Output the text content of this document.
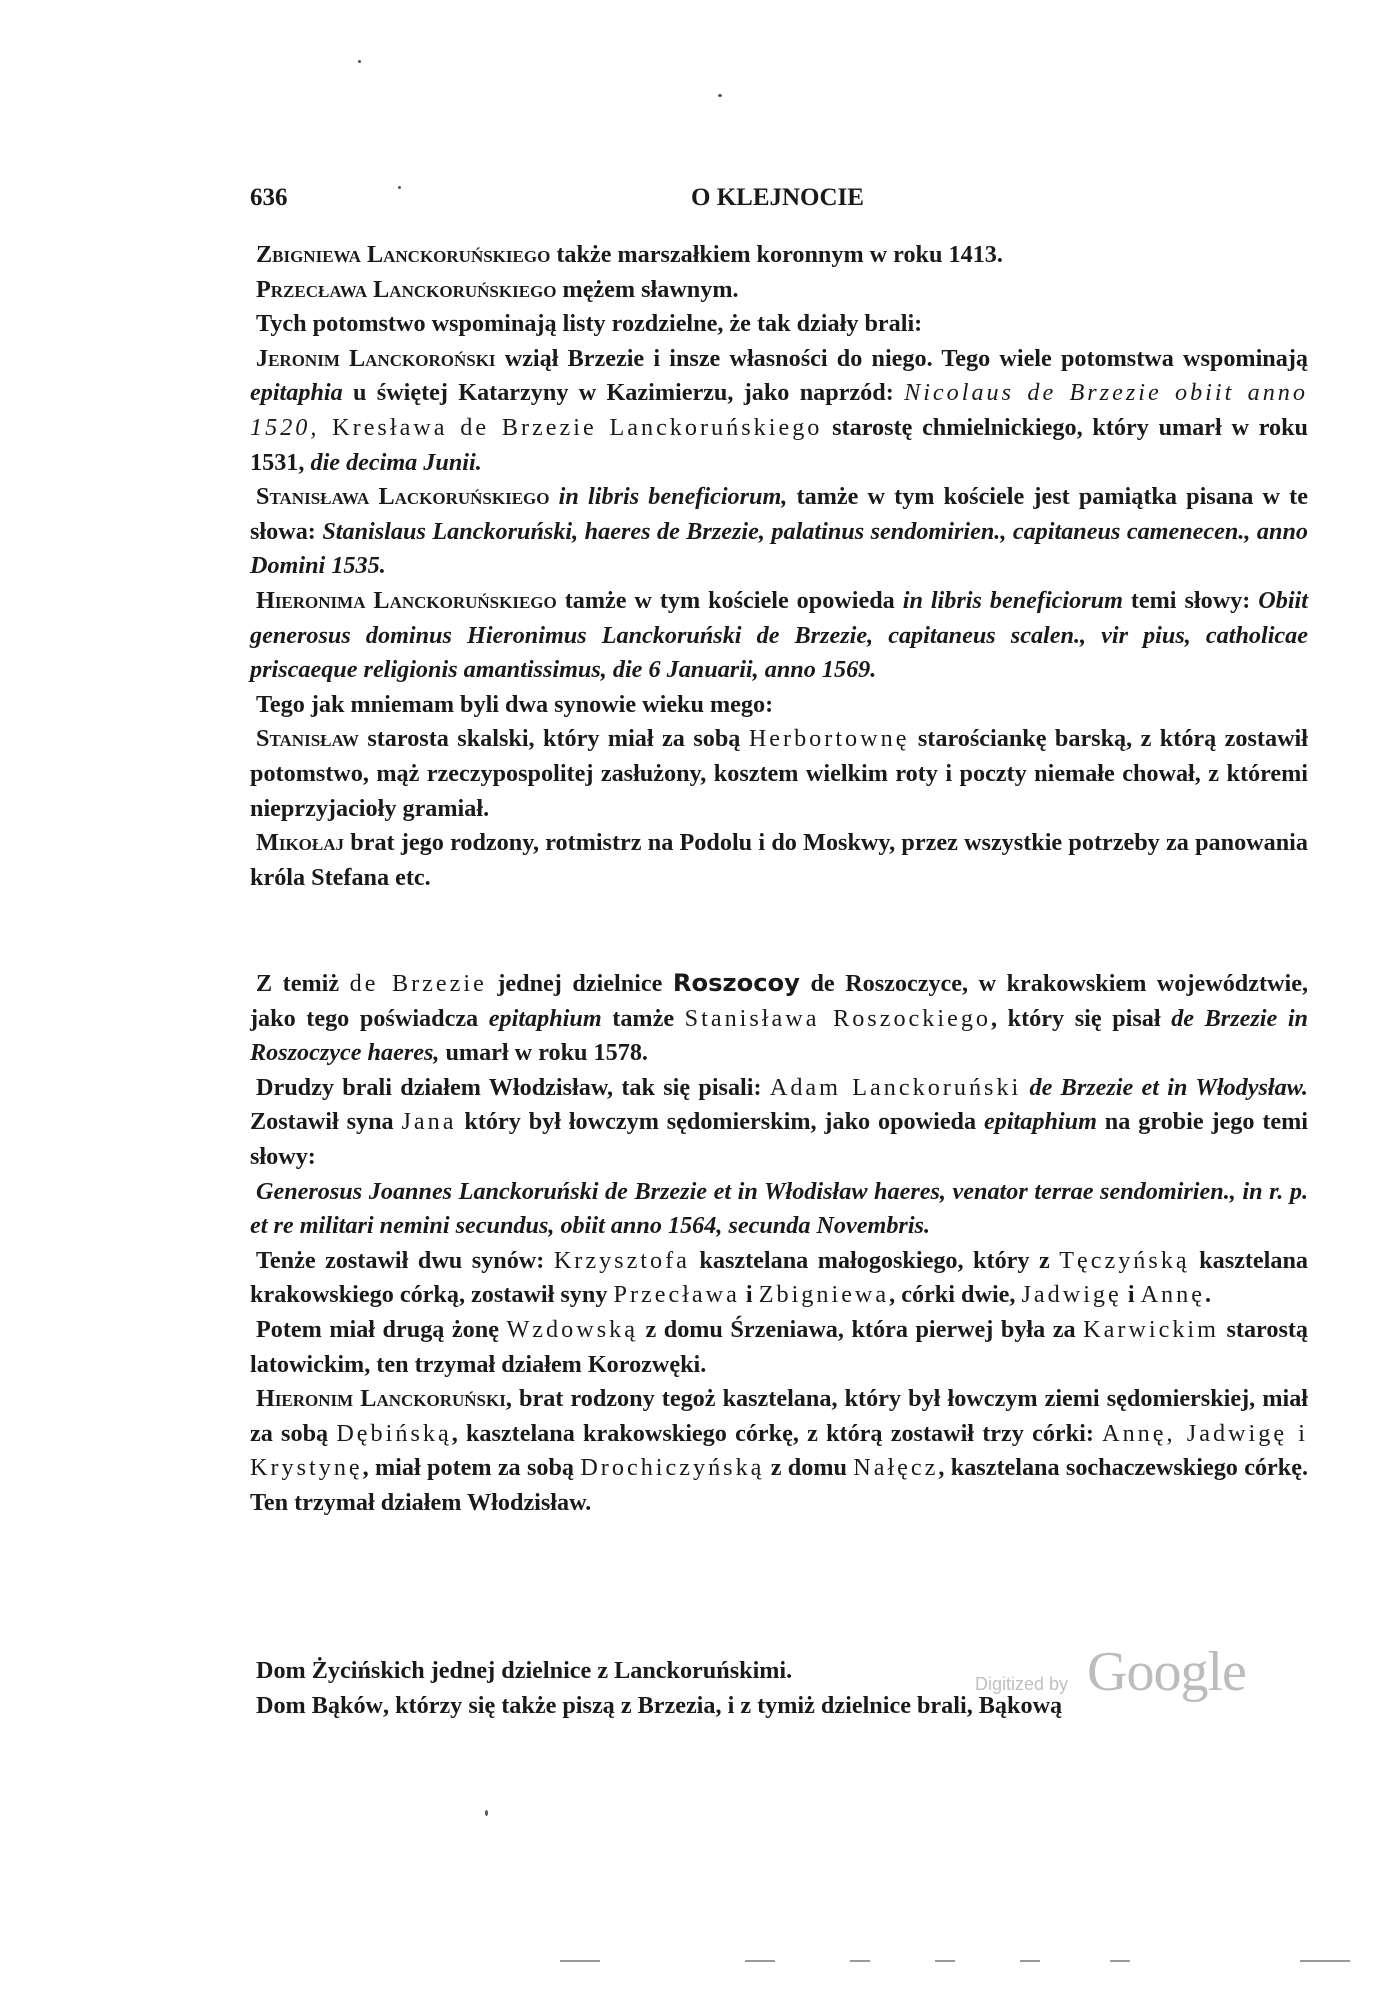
636	O KLEJNOCIE

Zbigniewa Lanckoruńskiego także marszałkiem koronnym w roku 1413.

Przecława Lanckoruńskiego mężem sławnym.

Tych potomstwo wspominają listy rozdzielne, że tak działy brali:

Jeronim Lanckoroński wziął Brzezie i insze własności do niego. Tego wiele potomstwa wspominają epitaphia u świętej Katarzyny w Kazimierzu, jako naprzód: Nicolaus de Brzezie obiit anno 1520, Kresława de Brzezie Lanckoruńskiego starostę chmielnickiego, który umarł w roku 1531, die decima Junii.

Stanisława Lackoruńskiego in libris beneficiorum, tamże w tym kościele jest pamiątka pisana w te słowa: Stanislaus Lanckoruński, haeres de Brzezie, palatinus sendomirien., capitaneus camenecen., anno Domini 1535.

Hieronima Lanckoruńskiego tamże w tym kościele opowieda in libris beneficiorum temi słowy: Obiit generosus dominus Hieronimus Lanckoruński de Brzezie, capitaneus scalen., vir pius, catholicae priscaeque religionis amantissimus, die 6 Januarii, anno 1569.

Tego jak mniemam byli dwa synowie wieku mego:

Stanisław starosta skalski, który miał za sobą Herbortownę starościankę barską, z którą zostawił potomstwo, mąż rzeczypospolitej zasłużony, kosztem wielkim roty i poczty niemałe chował, z któremi nieprzyjacioły gramiał.

Mikołaj brat jego rodzony, rotmistrz na Podolu i do Moskwy, przez wszystkie potrzeby za panowania króla Stefana etc.

Z temiż de Brzezie jednej dzielnice Roszocoy de Roszoczyce, w krakowskiem województwie, jako tego poświadcza epitaphium tamże Stanisława Roszockiego, który się pisał de Brzezie in Roszoczyce haeres, umarł w roku 1578.

Drudzy brali działem Włodzisław, tak się pisali: Adam Lanckoruński de Brzezie et in Włodysław. Zostawił syna Jana który był łowczym sędomierskim, jako opowieda epitaphium na grobie jego temi słowy:

Generosus Joannes Lanckoruński de Brzezie et in Włodisław haeres, venator terrae sendomirien., in r. p. et re militari nemini secundus, obiit anno 1564, secunda Novembris.

Tenże zostawił dwu synów: Krzysztofa kasztelana małogoskiego, który z Tęczyńską kasztelana krakowskiego córką, zostawił syny Przecława i Zbigniewa, córki dwie, Jadwigę i Annę.

Potem miał drugą żonę Wzdowską z domu Śrzeniawa, która pierwej była za Karwickim starostą latowickim, ten trzymał działem Korozwęki.

Hieronim Lanckoruński, brat rodzony tegoż kasztelana, który był łowczym ziemi sędomierskiej, miał za sobą Dębińską, kasztelana krakowskiego córkę, z którą zostawił trzy córki: Annę, Jadwigę i Krystynę, miał potem za sobą Drochiczyńską z domu Nałęcz, kasztelana sochaczewskiego córkę. Ten trzymał działem Włodzisław.

Dom Życińskich jednej dzielnice z Lanckoruńskimi.

Dom Bąków, którzy się także piszą z Brzezia, i z tymiż dzielnice brali, Bąkową

Digitized by Google
